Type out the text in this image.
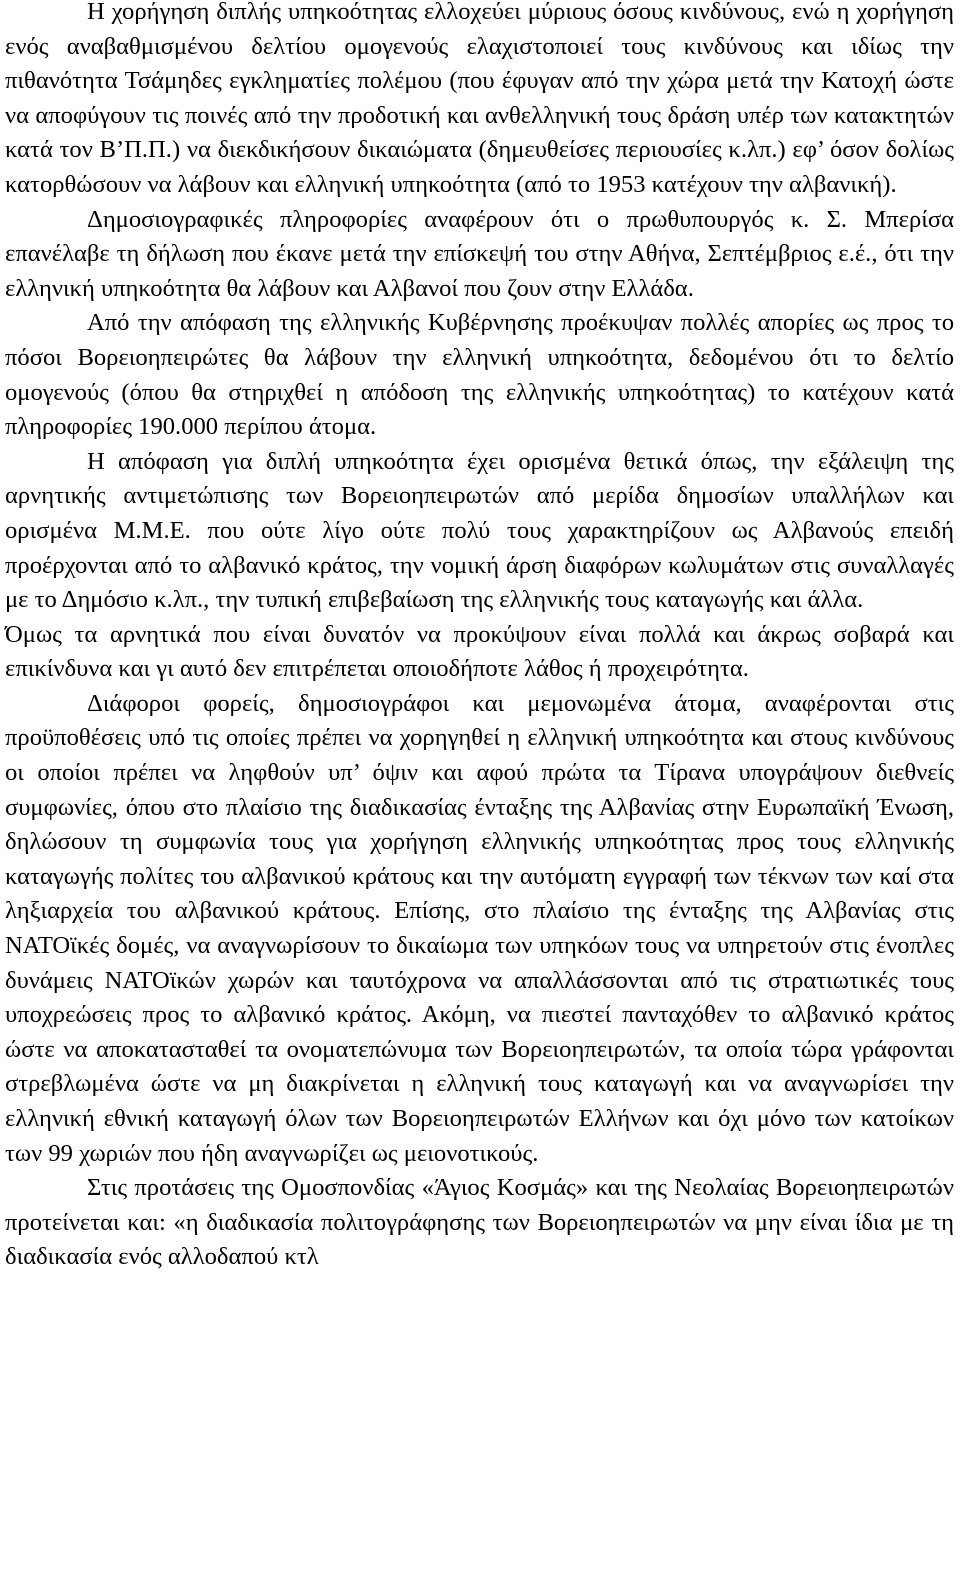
Η χορήγηση διπλής υπηκοότητας ελλοχεύει μύριους όσους κινδύνους, ενώ η χορήγηση ενός αναβαθμισμένου δελτίου ομογενούς ελαχιστοποιεί τους κινδύνους και ιδίως την πιθανότητα Τσάμηδες εγκληματίες πολέμου (που έφυγαν από την χώρα μετά την Κατοχή ώστε να αποφύγουν τις ποινές από την προδοτική και ανθελληνική τους δράση υπέρ των κατακτητών κατά τον Β’Π.Π.) να διεκδικήσουν δικαιώματα (δημευθείσες περιουσίες κ.λπ.) εφ’ όσον δολίως κατορθώσουν να λάβουν και ελληνική υπηκοότητα (από το 1953 κατέχουν την αλβανική).

Δημοσιογραφικές πληροφορίες αναφέρουν ότι ο πρωθυπουργός κ. Σ. Μπερίσα επανέλαβε τη δήλωση που έκανε μετά την επίσκεψή του στην Αθήνα, Σεπτέμβριος ε.έ., ότι την ελληνική υπηκοότητα θα λάβουν και Αλβανοί που ζουν στην Ελλάδα.

Από την απόφαση της ελληνικής Κυβέρνησης προέκυψαν πολλές απορίες ως προς το πόσοι Βορειοηπειρώτες θα λάβουν την ελληνική υπηκοότητα, δεδομένου ότι το δελτίο ομογενούς (όπου θα στηριχθεί η απόδοση της ελληνικής υπηκοότητας) το κατέχουν κατά πληροφορίες 190.000 περίπου άτομα.

Η απόφαση για διπλή υπηκοότητα έχει ορισμένα θετικά όπως, την εξάλειψη της αρνητικής αντιμετώπισης των Βορειοηπειρωτών από μερίδα δημοσίων υπαλλήλων και ορισμένα Μ.Μ.Ε. που ούτε λίγο ούτε πολύ τους χαρακτηρίζουν ως Αλβανούς επειδή προέρχονται από το αλβανικό κράτος, την νομική άρση διαφόρων κωλυμάτων στις συναλλαγές με το Δημόσιο κ.λπ., την τυπική επιβεβαίωση της ελληνικής τους καταγωγής και άλλα.

Όμως τα αρνητικά που είναι δυνατόν να προκύψουν είναι πολλά και άκρως σοβαρά και επικίνδυνα και γι αυτό δεν επιτρέπεται οποιοδήποτε λάθος ή προχειρότητα.

Διάφοροι φορείς, δημοσιογράφοι και μεμονωμένα άτομα, αναφέρονται στις προϋποθέσεις υπό τις οποίες πρέπει να χορηγηθεί η ελληνική υπηκοότητα και στους κινδύνους οι οποίοι πρέπει να ληφθούν υπ’ όψιν και αφού πρώτα τα Τίρανα υπογράψουν διεθνείς συμφωνίες, όπου στο πλαίσιο της διαδικασίας ένταξης της Αλβανίας στην Ευρωπαϊκή Ένωση, δηλώσουν τη συμφωνία τους για χορήγηση ελληνικής υπηκοότητας προς τους ελληνικής καταγωγής πολίτες του αλβανικού κράτους και την αυτόματη εγγραφή των τέκνων των καί στα ληξιαρχεία του αλβανικού κράτους. Επίσης, στο πλαίσιο της ένταξης της Αλβανίας στις ΝΑΤΟϊκές δομές, να αναγνωρίσουν το δικαίωμα των υπηκόων τους να υπηρετούν στις ένοπλες δυνάμεις ΝΑΤΟϊκών χωρών και ταυτόχρονα να απαλλάσσονται από τις στρατιωτικές τους υποχρεώσεις προς το αλβανικό κράτος. Ακόμη, να πιεστεί πανταχόθεν το αλβανικό κράτος ώστε να αποκατασταθεί τα ονοματεπώνυμα των Βορειοηπειρωτών, τα οποία τώρα γράφονται στρεβλωμένα ώστε να μη διακρίνεται η ελληνική τους καταγωγή και να αναγνωρίσει την ελληνική εθνική καταγωγή όλων των Βορειοηπειρωτών Ελλήνων και όχι μόνο των κατοίκων των 99 χωριών που ήδη αναγνωρίζει ως μειονοτικούς.

Στις προτάσεις της Ομοσπονδίας «Άγιος Κοσμάς» και της Νεολαίας Βορειοηπειρωτών προτείνεται και: «η διαδικασία πολιτογράφησης των Βορειοηπειρωτών να μην είναι ίδια με τη διαδικασία ενός αλλοδαπού κτλ
